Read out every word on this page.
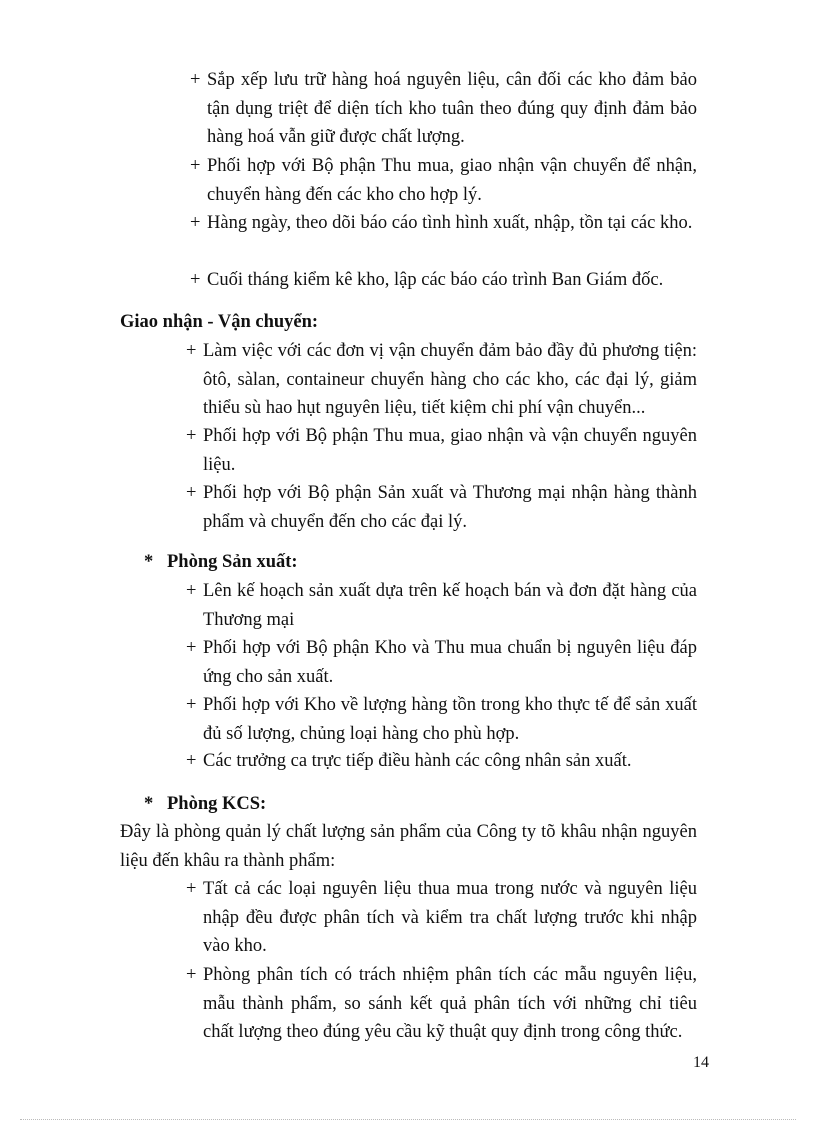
+ Sắp xếp lưu trữ hàng hoá nguyên liệu, cân đối các kho đảm bảo tận dụng triệt để diện tích kho tuân theo đúng quy định đảm bảo hàng hoá vẫn giữ được chất lượng.
+ Phối hợp với Bộ phận Thu mua, giao nhận vận chuyển để nhận, chuyển hàng đến các kho cho hợp lý.
+ Hàng ngày, theo dõi báo cáo tình hình xuất, nhập, tồn tại các kho.
+ Cuối tháng kiểm kê kho, lập các báo cáo trình Ban Giám đốc.
Giao nhận - Vận chuyển:
+ Làm việc với các đơn vị vận chuyển đảm bảo đầy đủ phương tiện: ôtô, sàlan, containeur chuyển hàng cho các kho, các đại lý, giảm thiểu sù hao hụt nguyên liệu, tiết kiệm chi phí vận chuyển...
+ Phối hợp với Bộ phận Thu mua, giao nhận và vận chuyển nguyên liệu.
+ Phối hợp với Bộ phận Sản xuất và Thương mại nhận hàng thành phẩm và chuyển đến cho các đại lý.
* Phòng Sản xuất:
+ Lên kế hoạch sản xuất dựa trên kế hoạch bán và đơn đặt hàng của Thương mại
+ Phối hợp với Bộ phận Kho và Thu mua chuẩn bị nguyên liệu đáp ứng cho sản xuất.
+ Phối hợp với Kho về lượng hàng tồn trong kho thực tế để sản xuất đủ số lượng, chủng loại hàng cho phù hợp.
+ Các trưởng ca trực tiếp điều hành các công nhân sản xuất.
* Phòng KCS:
Đây là phòng quản lý chất lượng sản phẩm của Công ty tõ khâu nhận nguyên liệu đến khâu ra thành phẩm:
+ Tất cả các loại nguyên liệu thua mua trong nước và nguyên liệu nhập đều được phân tích và kiểm tra chất lượng trước khi nhập vào kho.
+ Phòng phân tích có trách nhiệm phân tích các mẫu nguyên liệu, mẫu thành phẩm, so sánh kết quả phân tích với những chỉ tiêu chất lượng theo đúng yêu cầu kỹ thuật quy định trong công thức.
14
